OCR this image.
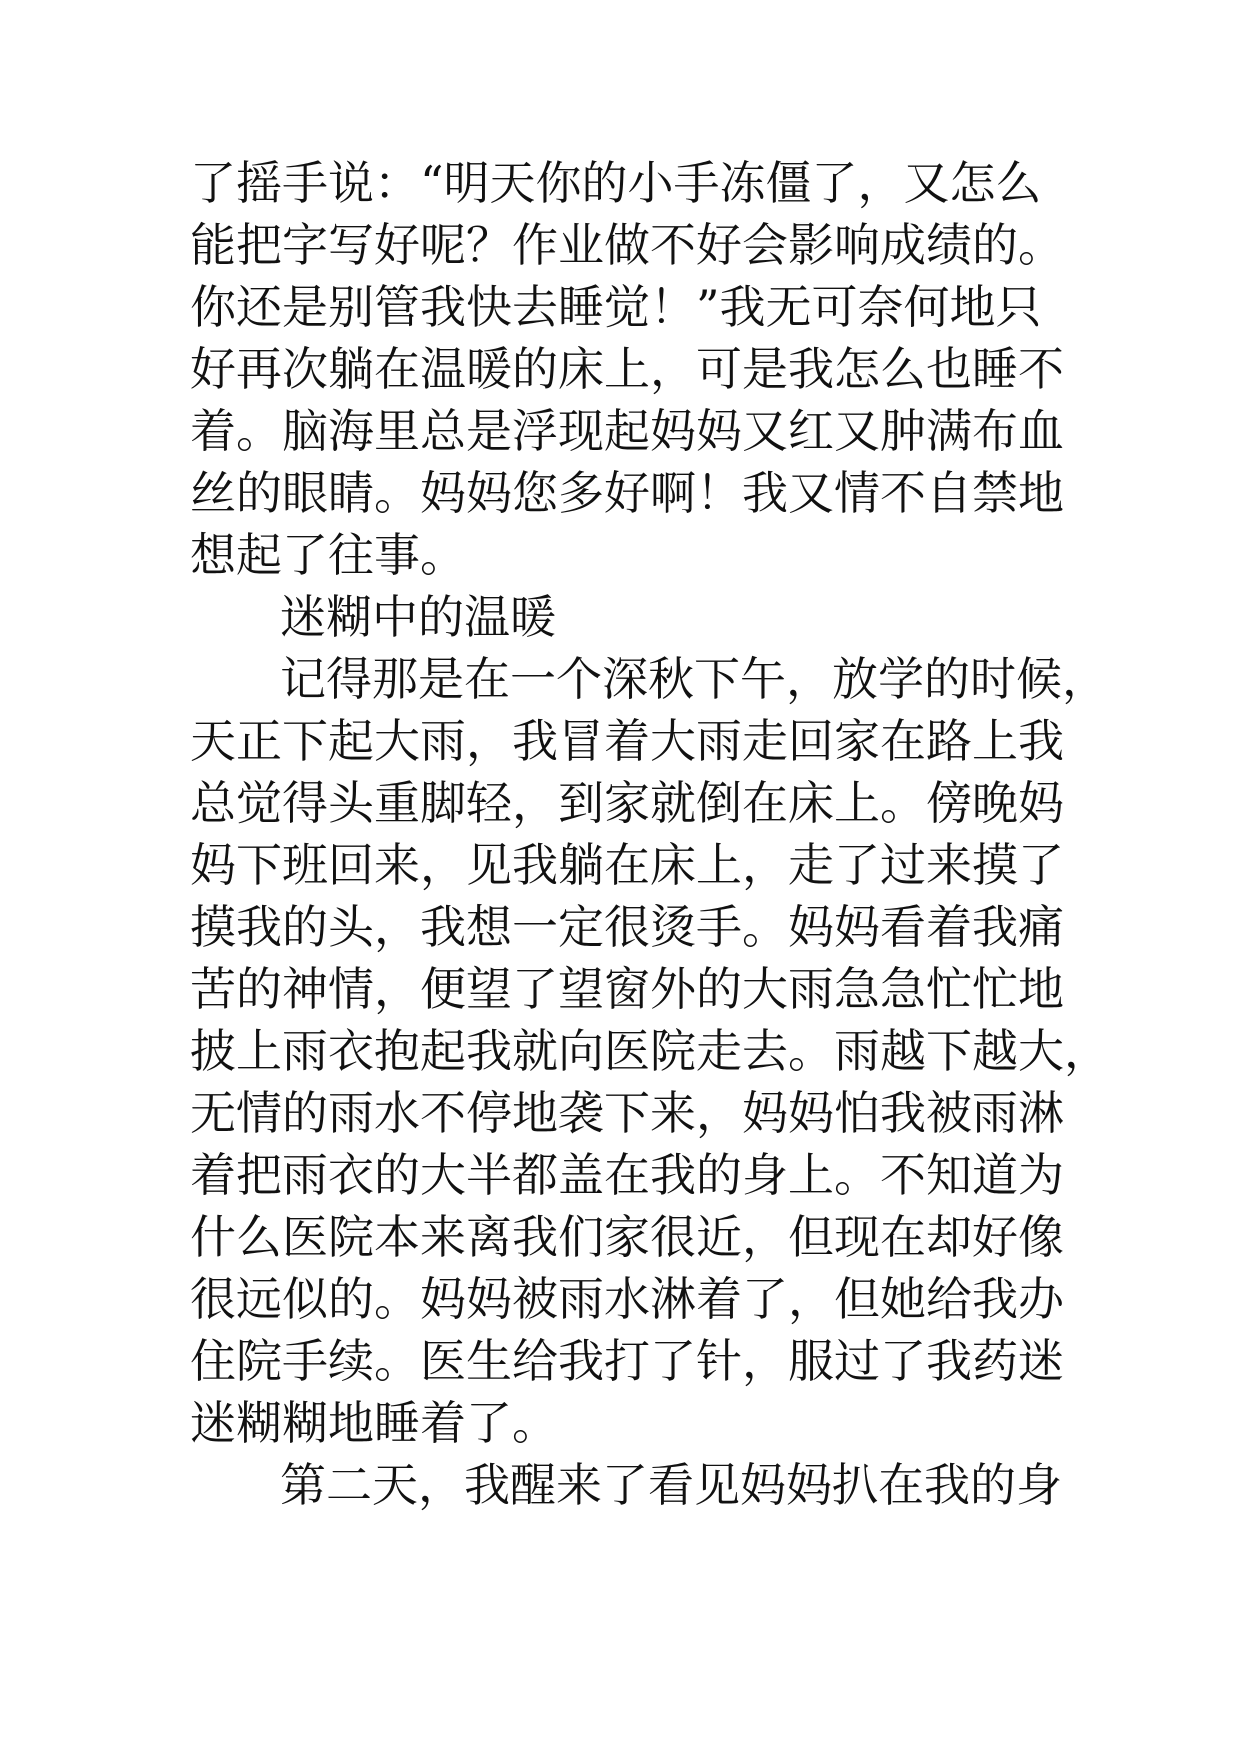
了摇手说：“明天你的小手冻僵了，又怎么
能把字写好呢？作业做不好会影响成绩的。
你还是别管我快去睡觉！”我无可奈何地只
好再次躺在温暖的床上，可是我怎么也睡不
着。脑海里总是浮现起妈妈又红又肿满布血
丝的眼睛。妈妈您多好啊！我又情不自禁地
想起了往事。
迷糊中的温暖
记得那是在一个深秋下午，放学的时候，
天正下起大雨，我冒着大雨走回家在路上我
总觉得头重脚轻，到家就倒在床上。傍晚妈
妈下班回来，见我躺在床上，走了过来摸了
摸我的头，我想一定很烫手。妈妈看着我痛
苦的神情，便望了望窗外的大雨急急忙忙地
披上雨衣抱起我就向医院走去。雨越下越大，
无情的雨水不停地袭下来，妈妈怕我被雨淋
着把雨衣的大半都盖在我的身上。不知道为
什么医院本来离我们家很近，但现在却好像
很远似的。妈妈被雨水淋着了，但她给我办
住院手续。医生给我打了针，服过了我药迷
迷糊糊地睡着了。
第二天，我醒来了看见妈妈扒在我的身
